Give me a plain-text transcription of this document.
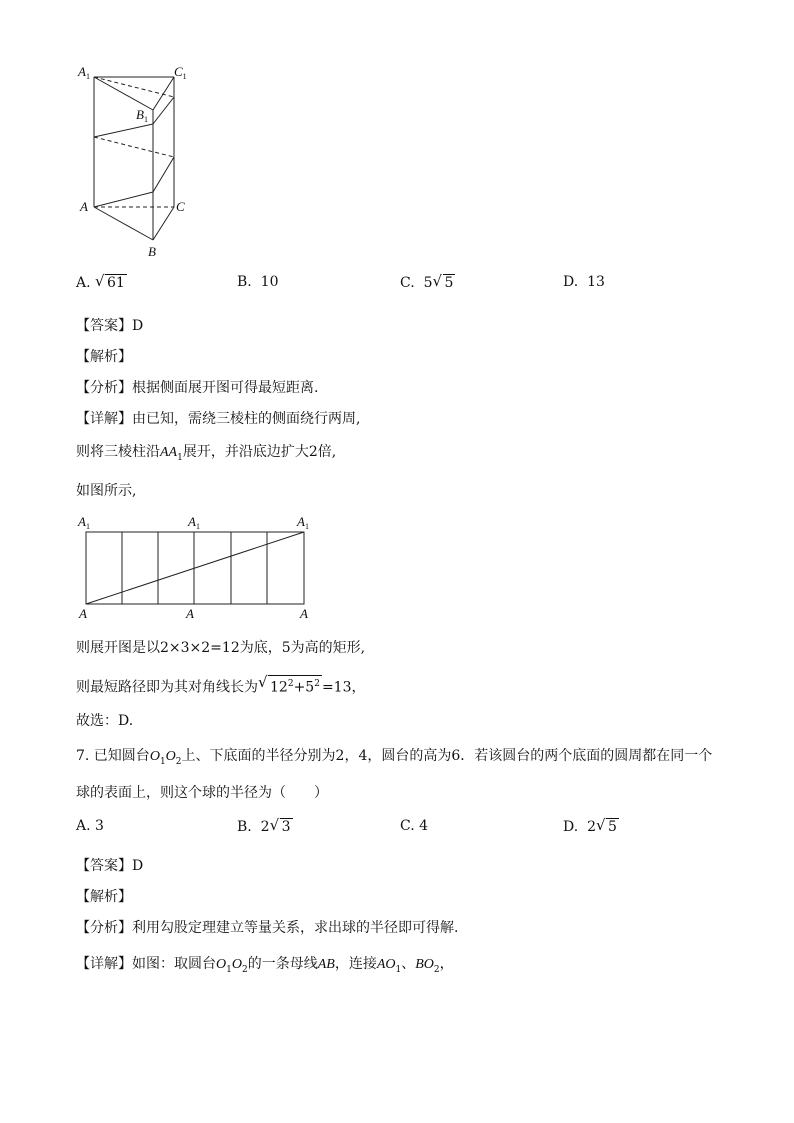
$A_1$	$C_1$
$B_1$
A	C
B
A. √ 61	B. 10	C. 5 √ 5	D. 13
【答案】D
【解析】
【分析】根据侧面展开图可得最短距离.
【详解】由已知，需绕三棱柱的侧面绕行两周,
则将三棱柱沿$AA_1$展开，并沿底边扩大2倍,
如图所示,
$A_1$	$A_1$	$A_1$
A	A	A
则展开图是以2×3×2=12为底，5为高的矩形,
则最短路径即为其对角线长为 √ $12^2+5^2 =13$，
故选：D.
7. 已知圆台$O_1O_2$上、下底面的半径分别为2，4，圆台的高为6．若该圆台的两个底面的圆周都在同一个
球的表面上，则这个球的半径为（　　）
A. 3	B. 2 √ 3	C. 4	D. 2 √ 5
【答案】D
【解析】
【分析】利用勾股定理建立等量关系，求出球的半径即可得解.
【详解】如图：取圆台$O_1O_2$的一条母线AB，连接$AO_1$、$BO_2$，
